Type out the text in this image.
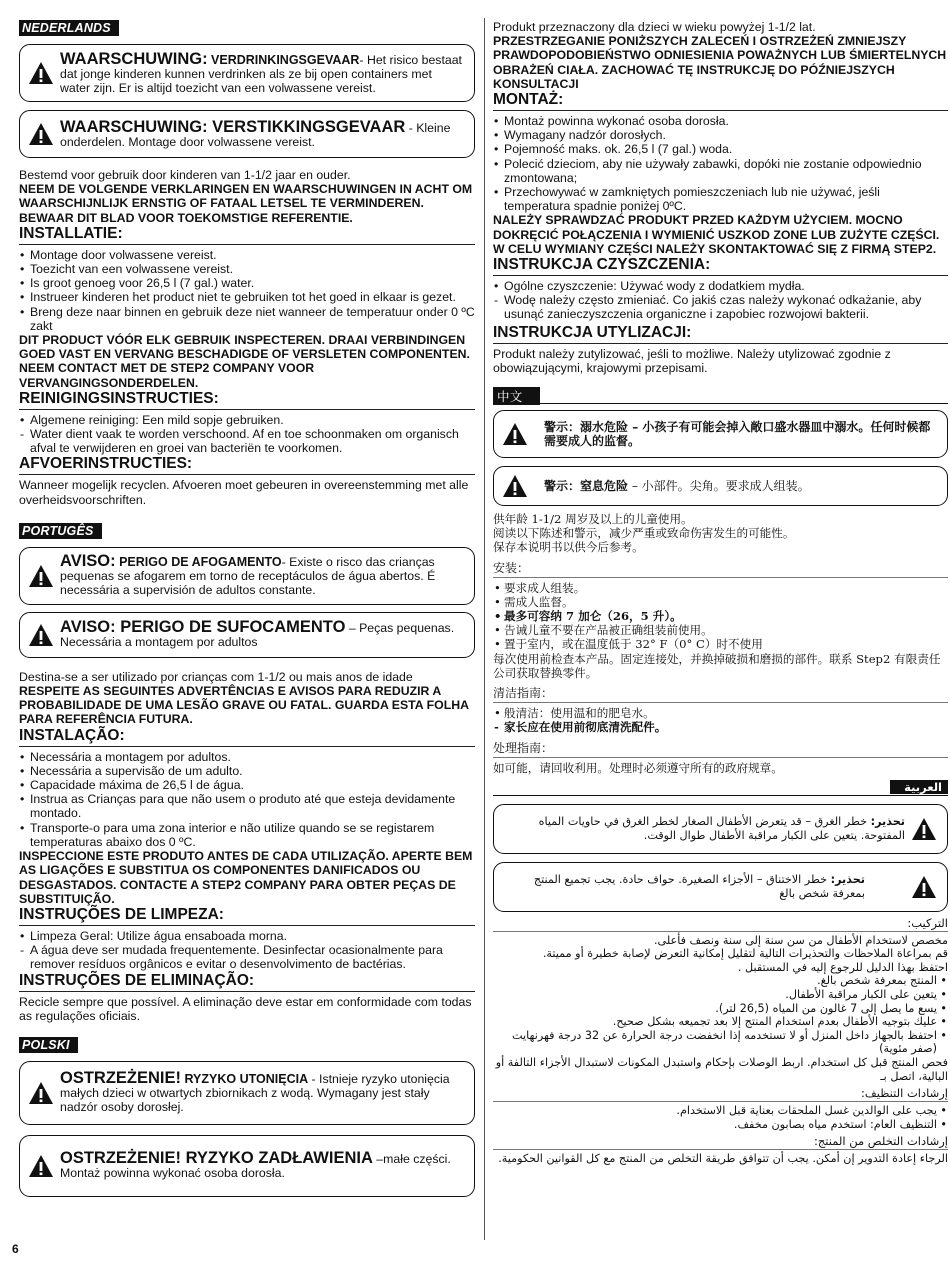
NEDERLANDS
WAARSCHUWING: VERDRINKINGSGEVAAR- Het risico bestaat dat jonge kinderen kunnen verdrinken als ze bij open containers met water zijn. Er is altijd toezicht van een volwassene vereist.
WAARSCHUWING: VERSTIKKINGSGEVAAR - Kleine onderdelen. Montage door volwassene vereist.

Bestemd voor gebruik door kinderen van 1-1/2 jaar en ouder.

NEEM DE VOLGENDE VERKLARINGEN EN WAARSCHUWINGEN IN ACHT OM WAARSCHIJNLIJK ERNSTIG OF FATAAL LETSEL TE VERMINDEREN. BEWAAR DIT BLAD VOOR TOEKOMSTIGE REFERENTIE.

INSTALLATIE:
• Montage door volwassene vereist.
• Toezicht van een volwassene vereist.
• Is groot genoeg voor 26,5 l (7 gal.) water.
• Instrueer kinderen het product niet te gebruiken tot het goed in elkaar is gezet.
• Breng deze naar binnen en gebruik deze niet wanneer de temperatuur onder 0 ºC zakt

DIT PRODUCT VÓÓR ELK GEBRUIK INSPECTEREN. DRAAI VERBINDINGEN GOED VAST EN VERVANG BESCHADIGDE OF VERSLETEN COMPONENTEN. NEEM CONTACT MET DE STEP2 COMPANY VOOR VERVANGINGSONDERDELEN.

REINIGINGSINSTRUCTIES:
• Algemene reiniging: Een mild sopje gebruiken.
- Water dient vaak te worden verschoond. Af en toe schoonmaken om organisch afval te verwijderen en groei van bacteriën te voorkomen.
AFVOERINSTRUCTIES:

Wanneer mogelijk recyclen. Afvoeren moet gebeuren in overeenstemming met alle overheidsvoorschriften.

PORTUGÊS
AVISO: PERIGO DE AFOGAMENTO- Existe o risco das crianças pequenas se afogarem em torno de receptáculos de água abertos. É necessária a supervisión de adultos constante.
AVISO: PERIGO DE SUFOCAMENTO – Peças pequenas. Necessária a montagem por adultos

Destina-se a ser utilizado por crianças com 1-1/2 ou mais anos de idade

RESPEITE AS SEGUINTES ADVERTÊNCIAS E AVISOS PARA REDUZIR A PROBABILIDADE DE UMA LESÃO GRAVE OU FATAL. GUARDA ESTA FOLHA PARA REFERÊNCIA FUTURA.

INSTALAÇÃO:
• Necessária a montagem por adultos.
• Necessária a supervisão de um adulto.
• Capacidade máxima de 26,5 l de água.
• Instrua as Crianças para que não usem o produto até que esteja devidamente montado.
• Transporte-o para uma zona interior e não utilize quando se se registarem temperaturas abaixo dos 0 ºC.

INSPECCIONE ESTE PRODUTO ANTES DE CADA UTILIZAÇÃO. APERTE BEM AS LIGAÇÕES E SUBSTITUA OS COMPONENTES DANIFICADOS OU DESGASTADOS. CONTACTE A STEP2 COMPANY PARA OBTER PEÇAS DE SUBSTITUIÇÃO.

INSTRUÇÕES DE LIMPEZA:
• Limpeza Geral: Utilize água ensaboada morna.
- A água deve ser mudada frequentemente. Desinfectar ocasionalmente para remover resíduos orgânicos e evitar o desenvolvimento de bactérias.
INSTRUÇÕES DE ELIMINAÇÃO:

Recicle sempre que possível. A eliminação deve estar em conformidade com todas as regulações oficiais.

POLSKI
OSTRZEŻENIE! RYZYKO UTONIĘCIA - Istnieje ryzyko utonięcia małych dzieci w otwartych zbiornikach z wodą. Wymagany jest stały nadzór osoby dorosłej.
OSTRZEŻENIE! RYZYKO ZADŁAWIENIA –małe części. Montaż powinna wykonać osoba dorosła.

Produkt przeznaczony dla dzieci w wieku powyżej 1-1/2 lat.

PRZESTRZEGANIE PONIŻSZYCH ZALECEŃ I OSTRZEŻEŃ ZMNIEJSZY PRAWDOPODOBIEŃSTWO ODNIESIENIA POWAŻNYCH LUB ŚMIERTELNYCH OBRAŻEŃ CIAŁA. ZACHOWAĆ TĘ INSTRUKCJĘ DO PÓŹNIEJSZYCH KONSULTACJI

MONTAŻ:
• Montaż powinna wykonać osoba dorosła.
• Wymagany nadzór dorosłych.
• Pojemność maks. ok. 26,5 l (7 gal.) woda.
• Polecić dzieciom, aby nie używały zabawki, dopóki nie zostanie odpowiednio zmontowana;
• Przechowywać w zamkniętych pomieszczeniach lub nie używać, jeśli temperatura spadnie poniżej 0ºC.

NALEŻY SPRAWDZAĆ PRODUKT PRZED KAŻDYM UŻYCIEM. MOCNO DOKRĘCIĆ POŁĄCZENIA I WYMIENIĆ USZKOD ZONE LUB ZUŻYTE CZĘŚCI. W CELU WYMIANY CZĘŚCI NALEŻY SKONTAKTOWAĆ SIĘ Z FIRMĄ STEP2.

INSTRUKCJA CZYSZCZENIA:
• Ogólne czyszczenie: Używać wody z dodatkiem mydła.
- Wodę należy często zmieniać. Co jakiś czas należy wykonać odkażanie, aby usunąć zanieczyszczenia organiczne i zapobiec rozwojowi bakterii.
INSTRUKCJA UTYLIZACJI:

Produkt należy zutylizować, jeśli to możliwe. Należy utylizować zgodnie z obowiązującymi, krajowymi przepisami.

中文
警示：溺水危险 – 小孩子有可能会掉入敞口盛水器皿中溺水。任何时候都需要成人的监督。
警示：窒息危险 – 小部件。尖角。要求成人组装。

供年龄 1-1/2 周岁及以上的儿童使用。

阅读以下陈述和警示，减少严重或致命伤害发生的可能性。

保存本说明书以供今后参考。

安装：

• 要求成人组装。
• 需成人监督。
• 最多可容纳 7 加仑（26，5 升）。
• 告诫儿童不要在产品被正确组装前使用。
• 置于室内，或在温度低于 32° F（0° C）时不使用

每次使用前检查本产品。固定连接处，并换掉破损和磨损的部件。联系 Step2 有限责任公司获取替换零件。

清洁指南：

• 般清洁：使用温和的肥皂水。
- 家长应在使用前彻底清洗配件。

处理指南：

如可能，请回收利用。处理时必须遵守所有的政府规章。

العربية
تحذير: خطر الغرق – قد يتعرض الأطفال الصغار لخطر الغرق في حاويات المياه المفتوحة. يتعين على الكبار مراقبة الأطفال طوال الوقت.
تحذير: خطر الاختناق – الأجزاء الصغيرة. حواف حادة. يجب تجميع المنتج بمعرفة شخص بالغ

التركيب:

مخصص لاستخدام الأطفال من سن سنة إلى سنة ونصف فأعلى.

قم بمراعاة الملاحظات والتحذيرات التالية لتقليل إمكانية التعرض لإصابة خطيرة أو مميتة.

احتفظ بهذا الدليل للرجوع إليه في المستقبل .

• المنتج بمعرفة شخص بالغ.
• يتعين على الكبار مراقبة الأطفال.
• يسع ما يصل إلى 7 غالون من المياه (26,5 لتر).
• عليك بتوجيه الأطفال بعدم استخدام المنتج إلا بعد تجميعه بشكل صحيح.
• احتفظ بالجهاز داخل المنزل أو لا تستخدمه إذا انخفضت درجة الحرارة عن 32 درجة فهرنهايت (صفر مئوية)

فحص المنتج قبل كل استخدام. اربط الوصلات بإحكام واستبدل المكونات لاستبدال الأجزاء التالفة أو البالية، اتصل بـ

إرشادات التنظيف:

• يجب على الوالدين غسل الملحقات بعناية قبل الاستخدام.
• التنظيف العام: استخدم مياه بصابون مخفف.

إرشادات التخلص من المنتج:

الرجاء إعادة التدوير إن أمكن. يجب أن تتوافق طريقة التخلص من المنتج مع كل القوانين الحكومية.

6
